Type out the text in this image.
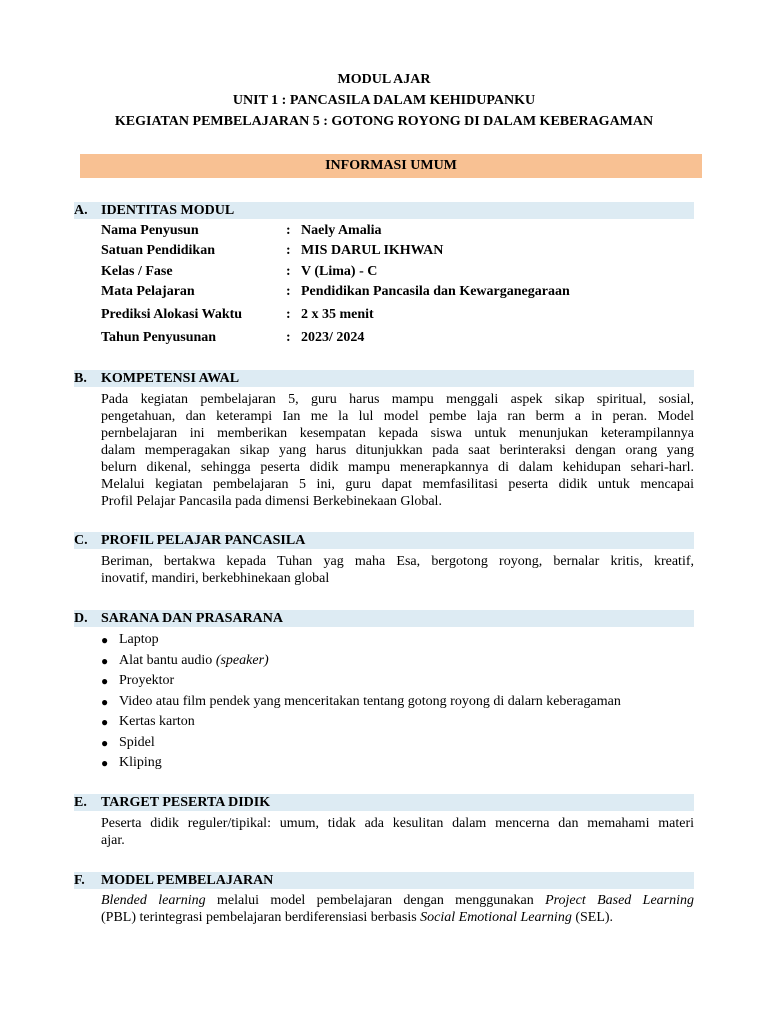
MODUL AJAR
UNIT 1 : PANCASILA DALAM KEHIDUPANKU
KEGIATAN PEMBELAJARAN 5 : GOTONG ROYONG DI DALAM KEBERAGAMAN
INFORMASI UMUM
A. IDENTITAS MODUL
Nama Penyusun	: Naely Amalia
Satuan Pendidikan	: MIS DARUL IKHWAN
Kelas / Fase	: V (Lima) - C
Mata Pelajaran	: Pendidikan Pancasila dan Kewarganegaraan
Prediksi Alokasi Waktu	: 2 x 35 menit
Tahun Penyusunan	: 2023/ 2024
B. KOMPETENSI AWAL
Pada kegiatan pembelajaran 5, guru harus mampu menggali aspek sikap spiritual, sosial,
pengetahuan, dan keterampi Ian me la lul model pembe laja ran berm a in peran. Model
pernbelajaran ini memberikan kesempatan kepada siswa untuk menunjukan keterampilannya
dalam memperagakan sikap yang harus ditunjukkan pada saat berinteraksi dengan orang yang
belurn dikenal, sehingga peserta didik mampu menerapkannya di dalam kehidupan sehari-harl.
Melalui kegiatan pembelajaran 5 ini, guru dapat memfasilitasi peserta didik untuk mencapai
Profil Pelajar Pancasila pada dimensi Berkebinekaan Global.
C. PROFIL PELAJAR PANCASILA
Beriman, bertakwa kepada Tuhan yag maha Esa, bergotong royong, bernalar kritis, kreatif,
inovatif, mandiri, berkebhinekaan global
D. SARANA DAN PRASARANA
● Laptop
● Alat bantu audio (speaker)
● Proyektor
● Video atau film pendek yang menceritakan tentang gotong royong di dalarn keberagaman
● Kertas karton
● Spidel
● Kliping
E. TARGET PESERTA DIDIK
Peserta didik reguler/tipikal: umum, tidak ada kesulitan dalam mencerna dan memahami materi
ajar.
F. MODEL PEMBELAJARAN
Blended learning melalui model pembelajaran dengan menggunakan Project Based Learning
(PBL) terintegrasi pembelajaran berdiferensiasi berbasis Social Emotional Learning (SEL).
